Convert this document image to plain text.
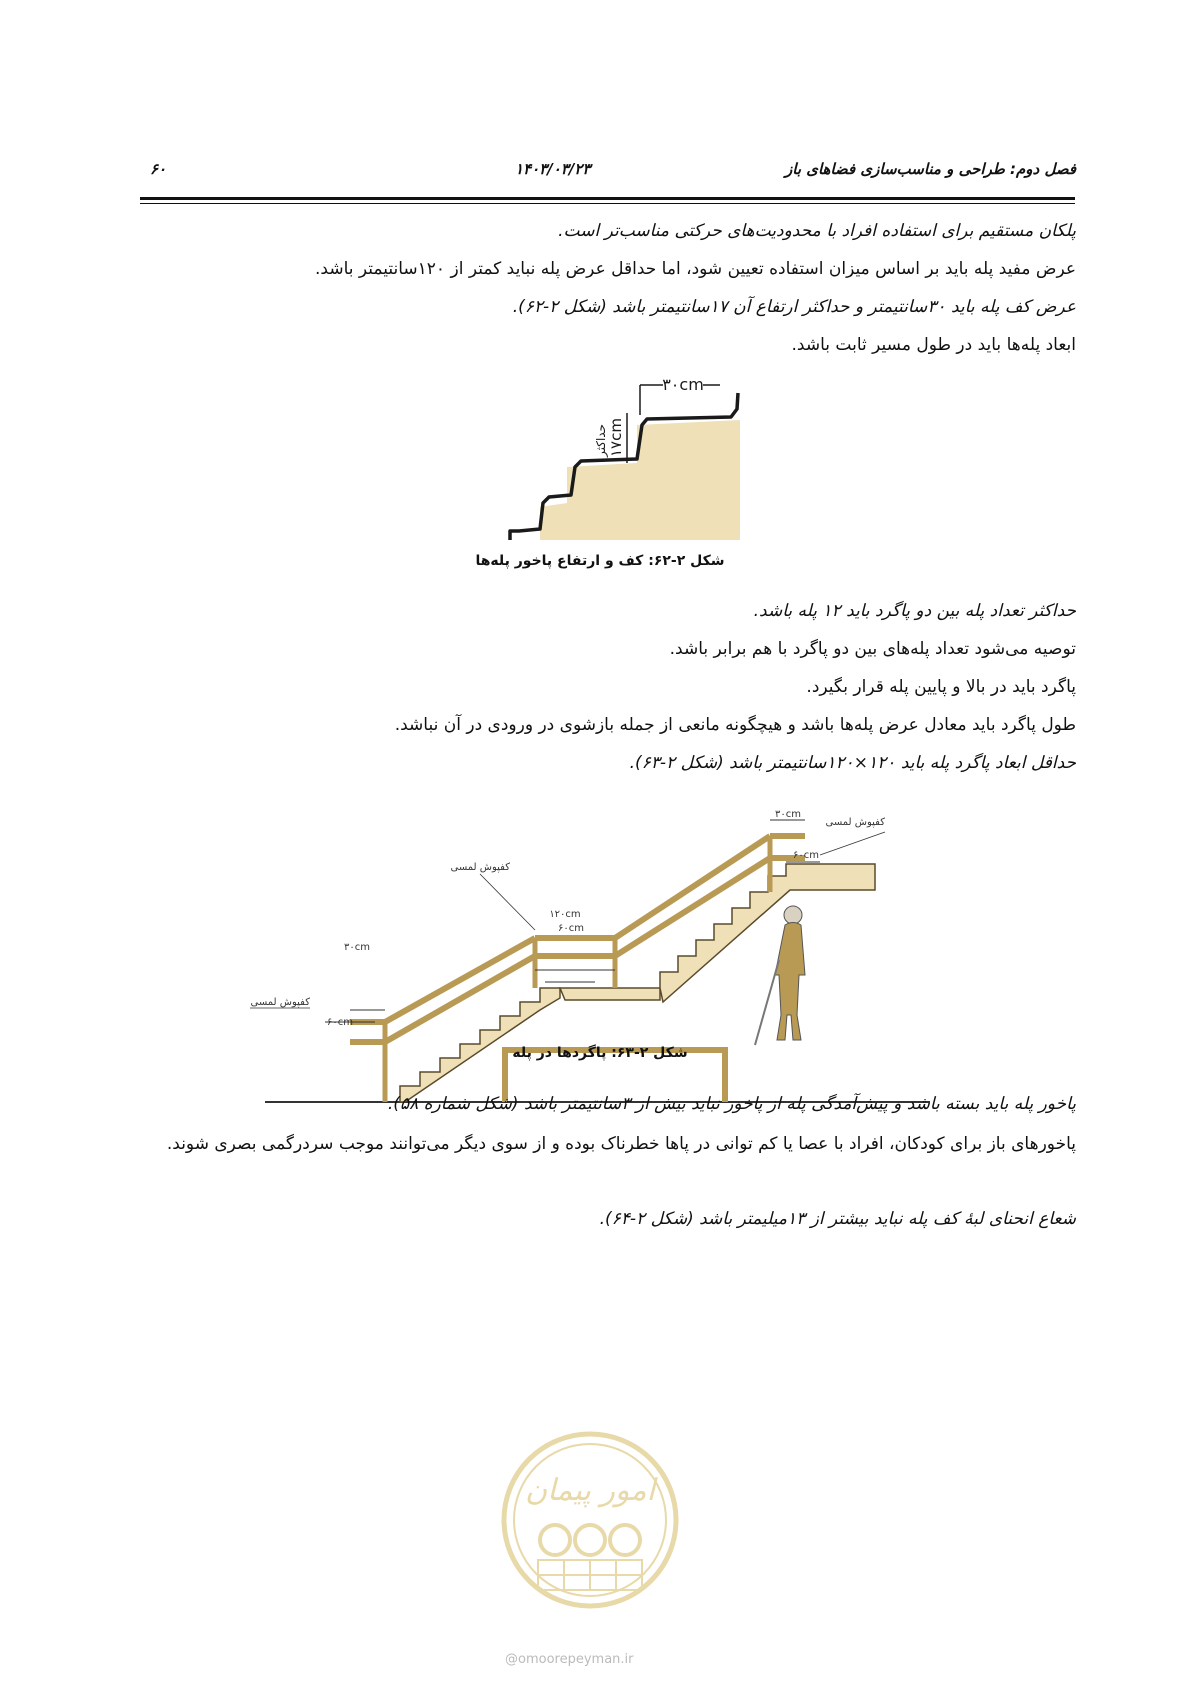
فصل دوم: طراحی و مناسب‌سازی فضاهای باز
۱۴۰۳/۰۳/۲۳
۶۰
پلکان مستقیم برای استفاده افراد با محدودیت‌های حرکتی مناسب‌تر است.
عرض مفید پله باید بر اساس میزان استفاده تعیین شود، اما حداقل عرض پله نباید کمتر از ۱۲۰سانتیمتر باشد.
عرض کف پله باید ۳۰سانتیمتر و حداکثر ارتفاع آن ۱۷سانتیمتر باشد (شکل ۲-۶۲).
ابعاد پله‌ها باید در طول مسیر ثابت باشد.
۳۰cm
۱۷cm
حداکثر
شکل ۲-۶۲: کف و ارتفاع پاخور پله‌ها
حداکثر تعداد پله بین دو پاگرد باید ۱۲ پله باشد.
توصیه می‌شود تعداد پله‌های بین دو پاگرد با هم برابر باشد.
پاگرد باید در بالا و پایین پله قرار بگیرد.
طول پاگرد باید معادل عرض پله‌ها باشد و هیچگونه مانعی از جمله بازشوی در ورودی در آن نباشد.
حداقل ابعاد پاگرد پله باید ۱۲۰×۱۲۰سانتیمتر باشد (شکل ۲-۶۳).
۳۰cm
۶۰cm
کفپوش لمسی
کفپوش لمسی
۱۲۰cm
۶۰cm
۳۰cm
کفپوش لمسی
۶۰cm
شکل ۲-۶۳: پاگردها در پله
پاخور پله باید بسته باشد و پیش‌آمدگی پله از پاخور نباید بیش از ۳سانتیمتر باشد (شکل شماره ۵۸).
پاخورهای باز برای کودکان، افراد با عصا یا کم توانی در پاها خطرناک بوده و از سوی دیگر می‌توانند موجب سردرگمی بصری شوند.
شعاع انحنای لبهٔ کف پله نباید بیشتر از ۱۳میلیمتر باشد (شکل ۲-۶۴).
امور پیمان
@omoorepeyman.ir
